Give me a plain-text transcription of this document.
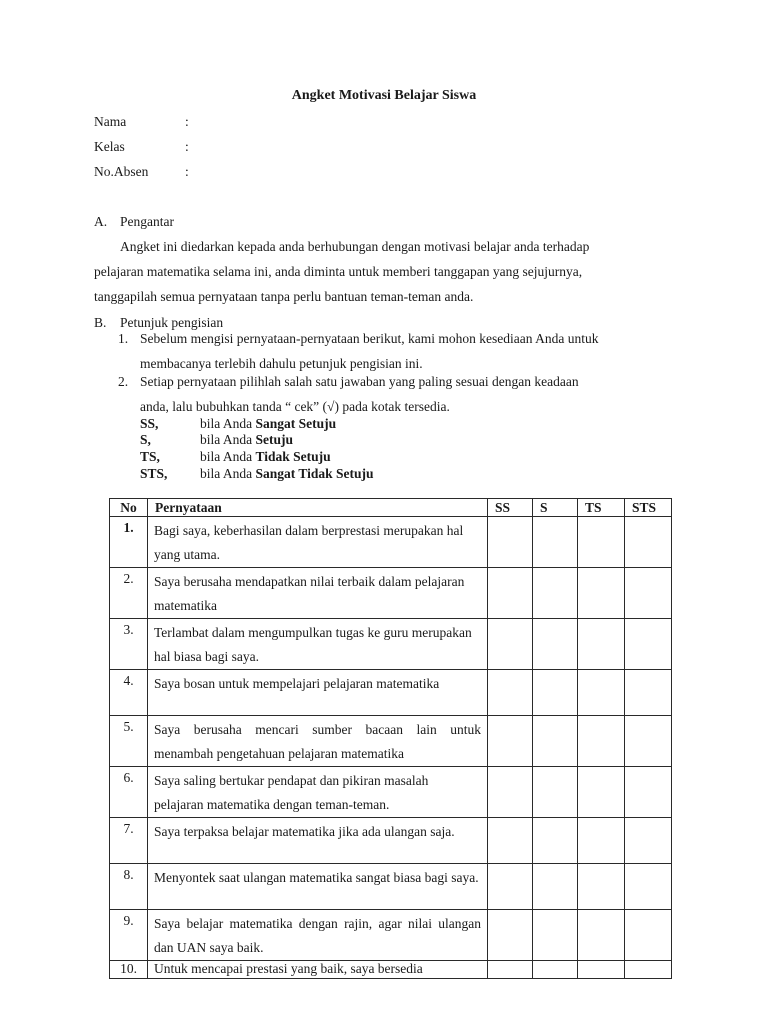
Angket Motivasi Belajar Siswa
Nama	:
Kelas	:
No.Absen	:
A. Pengantar
Angket ini diedarkan kepada anda berhubungan dengan motivasi belajar anda terhadap
pelajaran matematika selama ini, anda diminta untuk memberi tanggapan yang sejujurnya,
tanggapilah semua pernyataan tanpa perlu bantuan teman-teman anda.
B. Petunjuk pengisian
1. Sebelum mengisi pernyataan-pernyataan berikut, kami mohon kesediaan Anda untuk
membacanya terlebih dahulu petunjuk pengisian ini.
2. Setiap pernyataan pilihlah salah satu jawaban yang paling sesuai dengan keadaan
anda, lalu bubuhkan tanda “ cek” (√) pada kotak tersedia.
SS,	bila Anda Sangat Setuju
S,	bila Anda Setuju
TS,	bila Anda Tidak Setuju
STS, bila Anda Sangat Tidak Setuju
No	Pernyataan	SS	S	TS	STS
1.	Bagi saya, keberhasilan dalam berprestasi merupakan hal yang utama.				
2.	Saya berusaha mendapatkan nilai terbaik dalam pelajaran matematika				
3.	Terlambat dalam mengumpulkan tugas ke guru merupakan hal biasa bagi saya.				
4.	Saya bosan untuk mempelajari pelajaran matematika				
5.	Saya berusaha mencari sumber bacaan lain untuk menambah pengetahuan pelajaran matematika				
6.	Saya saling bertukar pendapat dan pikiran masalah pelajaran matematika dengan teman-teman.				
7.	Saya terpaksa belajar matematika jika ada ulangan saja.				
8.	Menyontek saat ulangan matematika sangat biasa bagi saya.				
9.	Saya belajar matematika dengan rajin, agar nilai ulangan dan UAN saya baik.				
10.	Untuk mencapai prestasi yang baik, saya bersedia				
